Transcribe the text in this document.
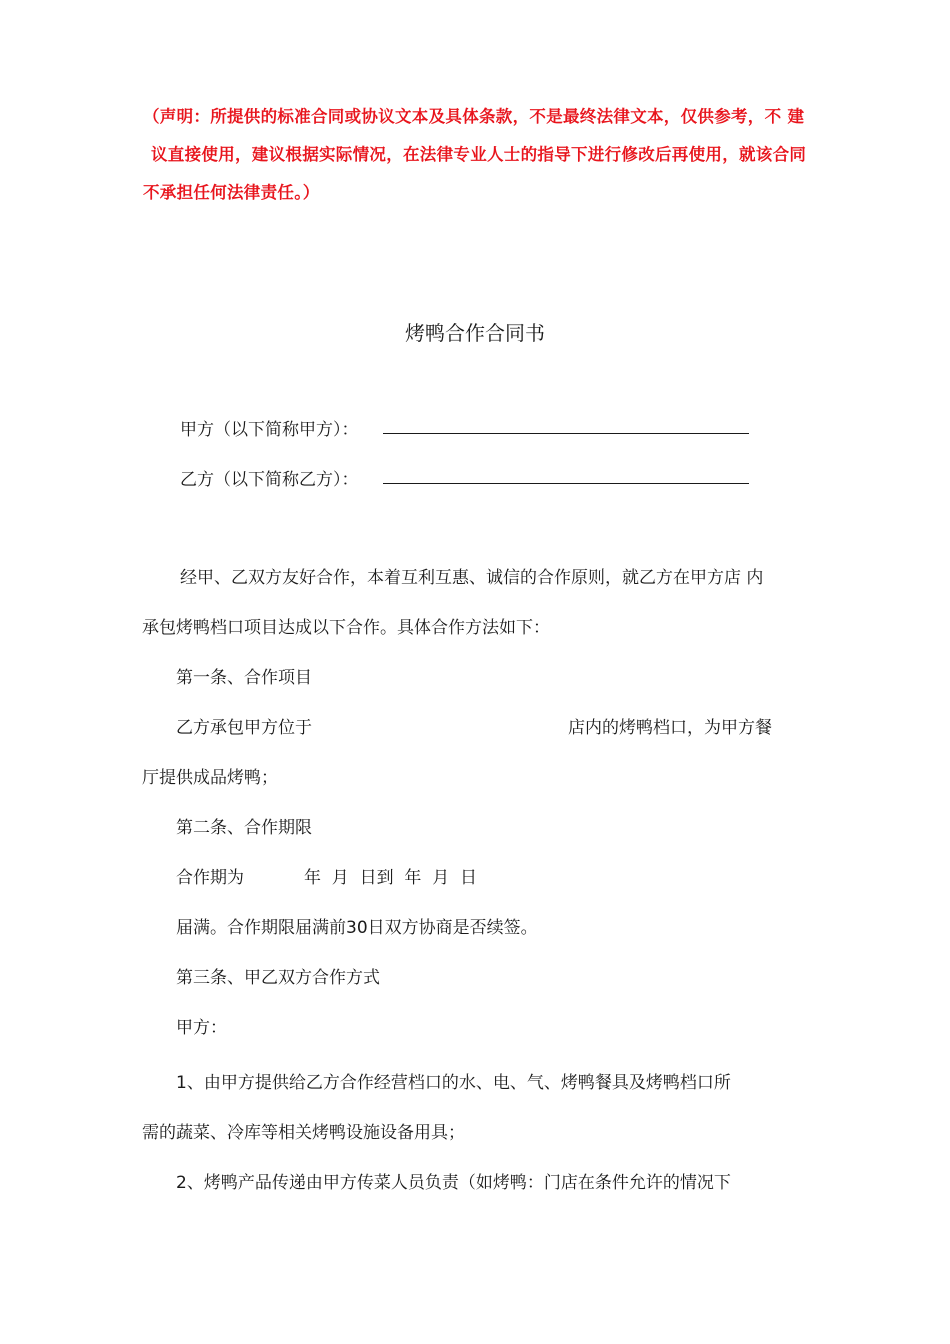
（声明：所提供的标准合同或协议文本及具体条款，不是最终法律文本，仅供参考，不 建
议直接使用，建议根据实际情况，在法律专业人士的指导下进行修改后再使用，就该合同
不承担任何法律责任。）
烤鸭合作合同书
甲方（以下简称甲方）：
乙方（以下简称乙方）：
经甲、乙双方友好合作，本着互利互惠、诚信的合作原则，就乙方在甲方店 内
承包烤鸭档口项目达成以下合作。具体合作方法如下：
第一条、合作项目
乙方承包甲方位于	店内的烤鸭档口，为甲方餐
厅提供成品烤鸭；
第二条、合作期限
合作期为	年  月  日到  年  月  日
届满。合作期限届满前30日双方协商是否续签。
第三条、甲乙双方合作方式
甲方：
1、由甲方提供给乙方合作经营档口的水、电、气、烤鸭餐具及烤鸭档口所
需的蔬菜、冷库等相关烤鸭设施设备用具；
2、烤鸭产品传递由甲方传菜人员负责（如烤鸭：门店在条件允许的情况下
